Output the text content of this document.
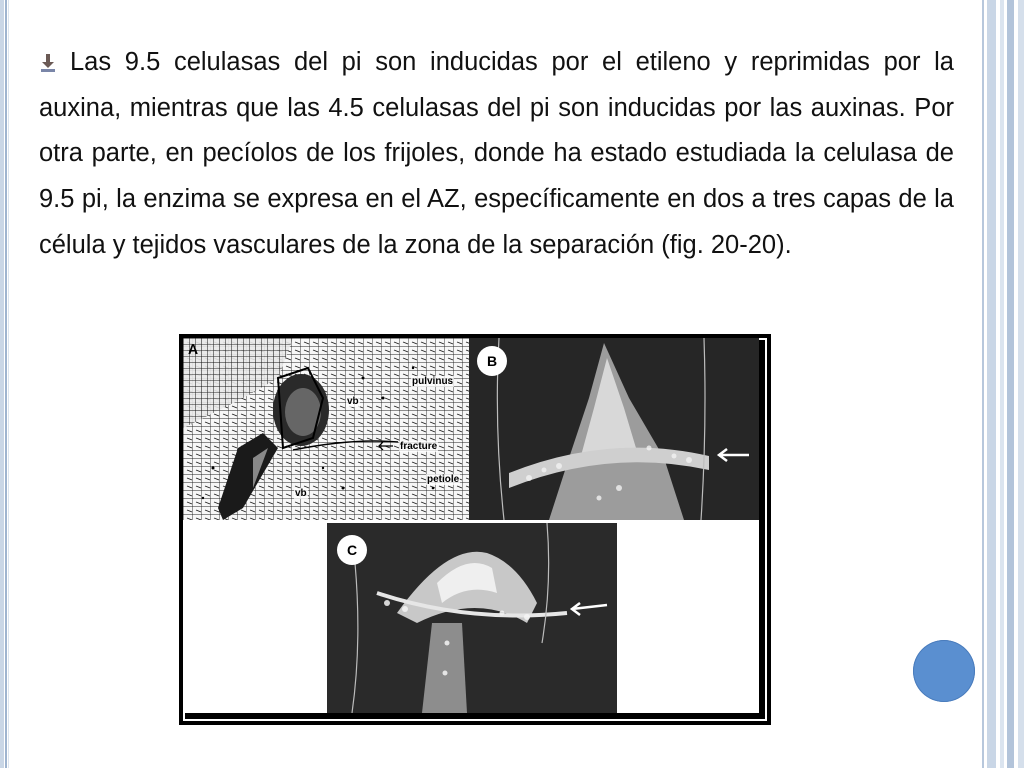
Las 9.5 celulasas del pi son inducidas por el etileno y reprimidas por la auxina, mientras que las 4.5 celulasas del pi son inducidas por las auxinas. Por otra parte, en pecíolos de los frijoles, donde ha estado estudiada la celulasa de 9.5 pi, la enzima se expresa en el AZ, específicamente en dos a tres capas de la célula y tejidos vasculares de la zona de la separación (fig. 20-20).
A
pulvinus
vb
fracture
petiole
vb
B
C
